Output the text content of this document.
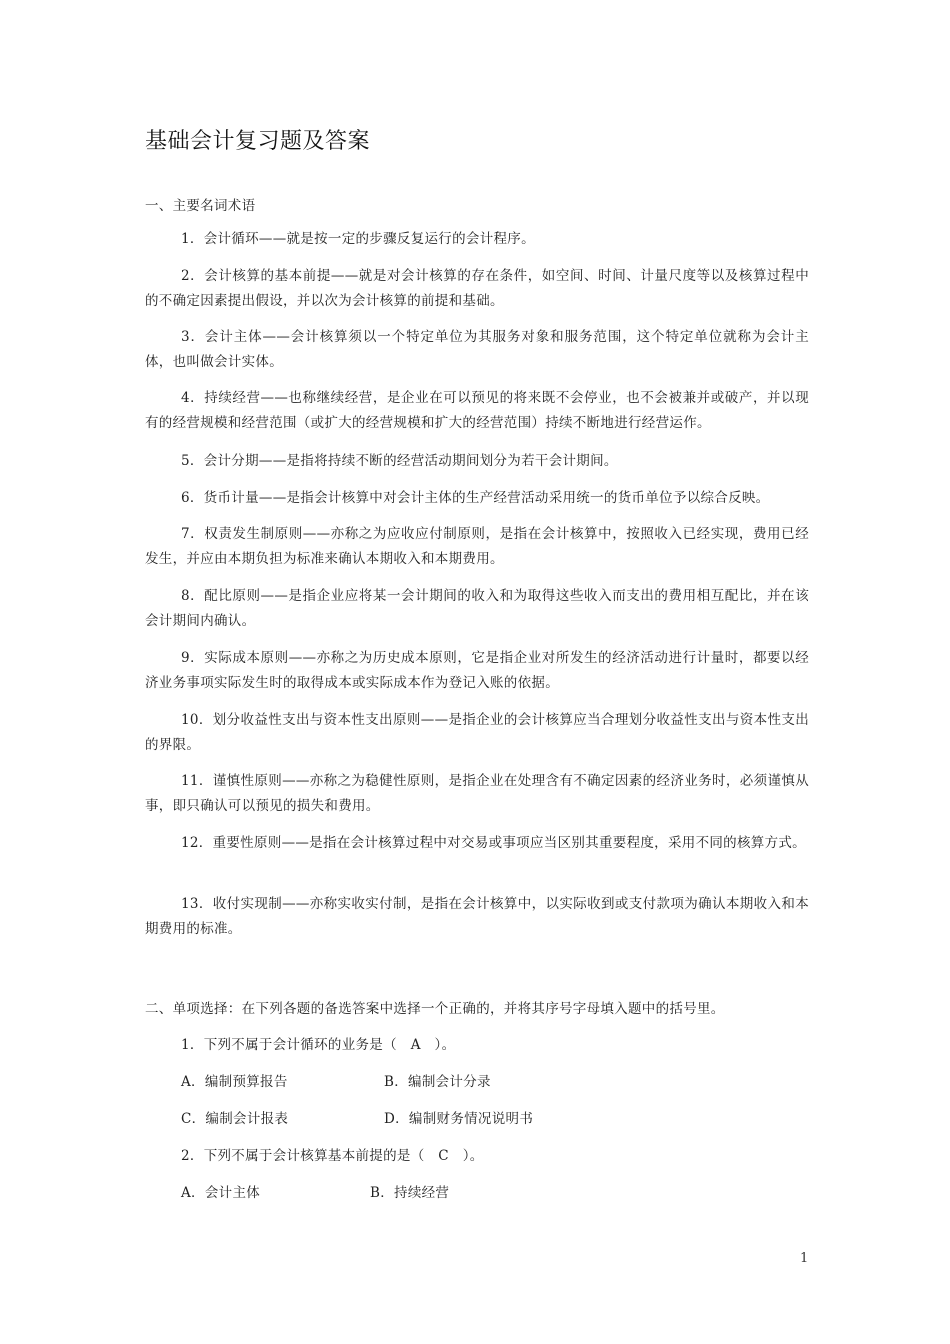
基础会计复习题及答案
一、主要名词术语
1．会计循环——就是按一定的步骤反复运行的会计程序。
2．会计核算的基本前提——就是对会计核算的存在条件，如空间、时间、计量尺度等以及核算过程中的不确定因素提出假设，并以次为会计核算的前提和基础。
3．会计主体——会计核算须以一个特定单位为其服务对象和服务范围，这个特定单位就称为会计主体，也叫做会计实体。
4．持续经营——也称继续经营，是企业在可以预见的将来既不会停业，也不会被兼并或破产，并以现有的经营规模和经营范围（或扩大的经营规模和扩大的经营范围）持续不断地进行经营运作。
5．会计分期——是指将持续不断的经营活动期间划分为若干会计期间。
6．货币计量——是指会计核算中对会计主体的生产经营活动采用统一的货币单位予以综合反映。
7．权责发生制原则——亦称之为应收应付制原则，是指在会计核算中，按照收入已经实现，费用已经发生，并应由本期负担为标准来确认本期收入和本期费用。
8．配比原则——是指企业应将某一会计期间的收入和为取得这些收入而支出的费用相互配比，并在该会计期间内确认。
9．实际成本原则——亦称之为历史成本原则，它是指企业对所发生的经济活动进行计量时，都要以经济业务事项实际发生时的取得成本或实际成本作为登记入账的依据。
10．划分收益性支出与资本性支出原则——是指企业的会计核算应当合理划分收益性支出与资本性支出的界限。
11．谨慎性原则——亦称之为稳健性原则，是指企业在处理含有不确定因素的经济业务时，必须谨慎从事，即只确认可以预见的损失和费用。
12．重要性原则——是指在会计核算过程中对交易或事项应当区别其重要程度，采用不同的核算方式。
13．收付实现制——亦称实收实付制，是指在会计核算中，以实际收到或支付款项为确认本期收入和本期费用的标准。
二、单项选择：在下列各题的备选答案中选择一个正确的，并将其序号字母填入题中的括号里。
1．下列不属于会计循环的业务是（　A　）。
A．编制预算报告	B．编制会计分录
C．编制会计报表	D．编制财务情况说明书
2．下列不属于会计核算基本前提的是（　C　）。
A．会计主体	B．持续经营
1
